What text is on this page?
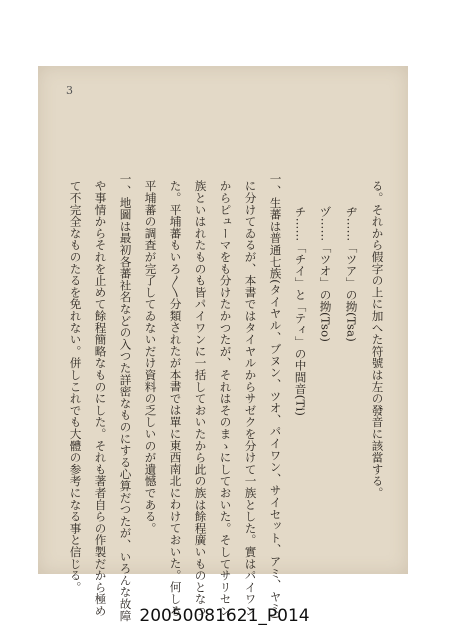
る。それから假字の上に加へた符號は左の發音に該當する。
ヂ……「ツア」の拗(Tsa)
ヅ……「ツオ」の拗(Tso)
チ……「チイ」と「ティ」の中間音(Ti)
一、生蕃は普通七族(タイヤル、ブヌン、ツオ、パイワン、サイセット、アミ、ヤミ)
に分けてゐるが、本書ではタイヤルからサゼクを分けて一族とした。實はパイワン
からピューマをも分けたかつたが、それはそのまゝにしておいた。そしてサリセン
族といはれたものも皆パイワンに一括しておいたから此の族は餘程廣いものとなつ
た。平埔蕃もいろ〳〵分類されたが本書では單に東西南北にわけておいた。何しろ
平埔蕃の調査が完了してゐないだけ資料の乏しいのが遺憾である。
一、地圖は最初各蕃社名などの入つた詳密なものにする心算だつたが、いろんな故障
や事情からそれを止めて餘程簡略なものにした。それも著者自らの作製だから極め
て不完全なものたるを免れない。併しこれでも大體の参考になる事と信じる。
3
20050081621_P014
